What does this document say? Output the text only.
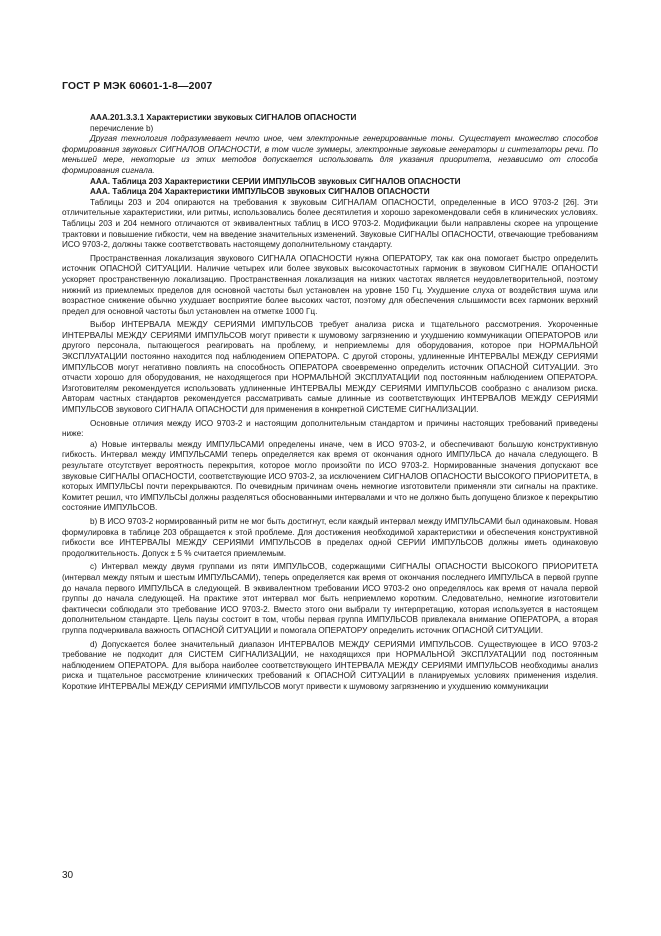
ГОСТ Р МЭК 60601-1-8—2007

AAA.201.3.3.1 Характеристики звуковых СИГНАЛОВ ОПАСНОСТИ

перечисление b)

Другая технология подразумевает нечто иное, чем электронные генерированные тоны. Существует множество способов формирования звуковых СИГНАЛОВ ОПАСНОСТИ, в том числе зуммеры, электронные звуковые генераторы и синтезаторы речи. По меньшей мере, некоторые из этих методов допускается использовать для указания приоритета, независимо от способа формирования сигнала.

AAA. Таблица 203 Характеристики СЕРИИ ИМПУЛЬСОВ звуковых СИГНАЛОВ ОПАСНОСТИ

AAA. Таблица 204 Характеристики ИМПУЛЬСОВ звуковых СИГНАЛОВ ОПАСНОСТИ

Таблицы 203 и 204 опираются на требования к звуковым СИГНАЛАМ ОПАСНОСТИ, определенные в ИСО 9703-2 [26]. Эти отличительные характеристики, или ритмы, использовались более десятилетия и хорошо зарекомендовали себя в клинических условиях. Таблицы 203 и 204 немного отличаются от эквивалентных таблиц в ИСО 9703-2. Модификации были направлены скорее на упрощение трактовки и повышение гибкости, чем на введение значительных изменений. Звуковые СИГНАЛЫ ОПАСНОСТИ, отвечающие требованиям ИСО 9703-2, должны также соответствовать настоящему дополнительному стандарту.

Пространственная локализация звукового СИГНАЛА ОПАСНОСТИ нужна ОПЕРАТОРУ, так как она помогает быстро определить источник ОПАСНОЙ СИТУАЦИИ. Наличие четырех или более звуковых высокочастотных гармоник в звуковом СИГНАЛЕ ОПАНОСТИ ускоряет пространственную локализацию. Пространственная локализация на низких частотах является неудовлетворительной, поэтому нижний из приемлемых пределов для основной частоты был установлен на уровне 150 Гц. Ухудшение слуха от воздействия шума или возрастное снижение обычно ухудшает восприятие более высоких частот, поэтому для обеспечения слышимости всех гармоник верхний предел для основной частоты был установлен на отметке 1000 Гц.

Выбор ИНТЕРВАЛА МЕЖДУ СЕРИЯМИ ИМПУЛЬСОВ требует анализа риска и тщательного рассмотрения. Укороченные ИНТЕРВАЛЫ МЕЖДУ СЕРИЯМИ ИМПУЛЬСОВ могут привести к шумовому загрязнению и ухудшению коммуникации ОПЕРАТОРОВ или другого персонала, пытающегося реагировать на проблему, и неприемлемы для оборудования, которое при НОРМАЛЬНОЙ ЭКСПЛУАТАЦИИ постоянно находится под наблюдением ОПЕРАТОРА. С другой стороны, удлиненные ИНТЕРВАЛЫ МЕЖДУ СЕРИЯМИ ИМПУЛЬСОВ могут негативно повлиять на способность ОПЕРАТОРА своевременно определить источник ОПАСНОЙ СИТУАЦИИ. Это отчасти хорошо для оборудования, не находящегося при НОРМАЛЬНОЙ ЭКСПЛУАТАЦИИ под постоянным наблюдением ОПЕРАТОРА. Изготовителям рекомендуется использовать удлиненные ИНТЕРВАЛЫ МЕЖДУ СЕРИЯМИ ИМПУЛЬСОВ сообразно с анализом риска. Авторам частных стандартов рекомендуется рассматривать самые длинные из соответствующих ИНТЕРВАЛОВ МЕЖДУ СЕРИЯМИ ИМПУЛЬСОВ звукового СИГНАЛА ОПАСНОСТИ для применения в конкретной СИСТЕМЕ СИГНАЛИЗАЦИИ.

Основные отличия между ИСО 9703-2 и настоящим дополнительным стандартом и причины настоящих требований приведены ниже:

a) Новые интервалы между ИМПУЛЬСАМИ определены иначе, чем в ИСО 9703-2, и обеспечивают большую конструктивную гибкость. Интервал между ИМПУЛЬСАМИ теперь определяется как время от окончания одного ИМПУЛЬСА до начала следующего. В результате отсутствует вероятность перекрытия, которое могло произойти по ИСО 9703-2. Нормированные значения допускают все звуковые СИГНАЛЫ ОПАСНОСТИ, соответствующие ИСО 9703-2, за исключением СИГНАЛОВ ОПАСНОСТИ ВЫСОКОГО ПРИОРИТЕТА, в которых ИМПУЛЬСЫ почти перекрываются. По очевидным причинам очень немногие изготовители применяли эти сигналы на практике. Комитет решил, что ИМПУЛЬСЫ должны разделяться обоснованными интервалами и что не должно быть допущено близкое к перекрытию состояние ИМПУЛЬСОВ.

b) В ИСО 9703-2 нормированный ритм не мог быть достигнут, если каждый интервал между ИМПУЛЬСАМИ был одинаковым. Новая формулировка в таблице 203 обращается к этой проблеме. Для достижения необходимой характеристики и обеспечения конструктивной гибкости все ИНТЕРВАЛЫ МЕЖДУ СЕРИЯМИ ИМПУЛЬСОВ в пределах одной СЕРИИ ИМПУЛЬСОВ должны иметь одинаковую продолжительность. Допуск ± 5 % считается приемлемым.

c) Интервал между двумя группами из пяти ИМПУЛЬСОВ, содержащими СИГНАЛЫ ОПАСНОСТИ ВЫСОКОГО ПРИОРИТЕТА (интервал между пятым и шестым ИМПУЛЬСАМИ), теперь определяется как время от окончания последнего ИМПУЛЬСА в первой группе до начала первого ИМПУЛЬСА в следующей. В эквивалентном требовании ИСО 9703-2 оно определялось как время от начала первой группы до начала следующей. На практике этот интервал мог быть неприемлемо коротким. Следовательно, немногие изготовители фактически соблюдали это требование ИСО 9703-2. Вместо этого они выбрали ту интерпретацию, которая используется в настоящем дополнительном стандарте. Цель паузы состоит в том, чтобы первая группа ИМПУЛЬСОВ привлекала внимание ОПЕРАТОРА, а вторая группа подчеркивала важность ОПАСНОЙ СИТУАЦИИ и помогала ОПЕРАТОРУ определить источник ОПАСНОЙ СИТУАЦИИ.

d) Допускается более значительный диапазон ИНТЕРВАЛОВ МЕЖДУ СЕРИЯМИ ИМПУЛЬСОВ. Существующее в ИСО 9703-2 требование не подходит для СИСТЕМ СИГНАЛИЗАЦИИ, не находящихся при НОРМАЛЬНОЙ ЭКСПЛУАТАЦИИ под постоянным наблюдением ОПЕРАТОРА. Для выбора наиболее соответствующего ИНТЕРВАЛА МЕЖДУ СЕРИЯМИ ИМПУЛЬСОВ необходимы анализ риска и тщательное рассмотрение клинических требований к ОПАСНОЙ СИТУАЦИИ в планируемых условиях применения изделия. Короткие ИНТЕРВАЛЫ МЕЖДУ СЕРИЯМИ ИМПУЛЬСОВ могут привести к шумовому загрязнению и ухудшению коммуникации

30
